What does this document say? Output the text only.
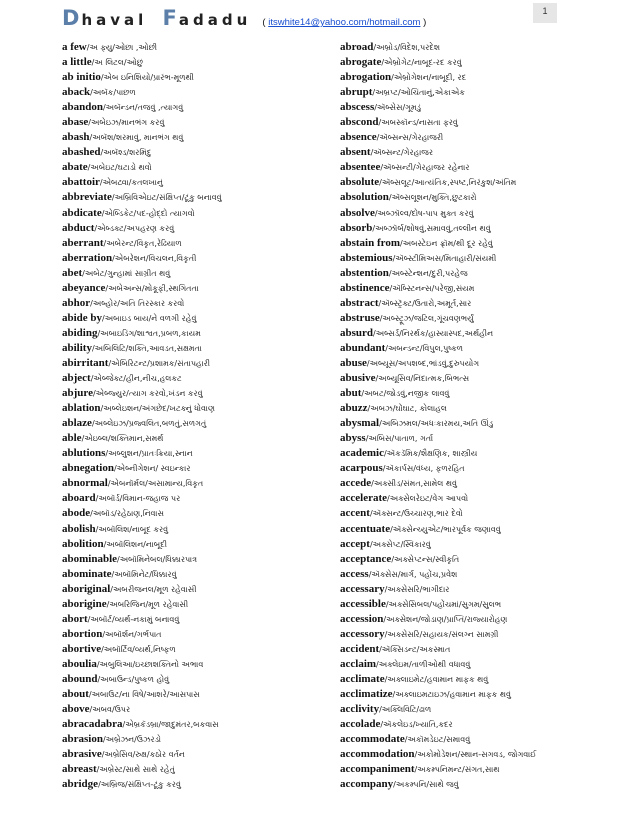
Dhaval Fadadu ( itswhite14@yahoo.com/hotmail.com )
1
a few/અ ફ્યુ/ઓછા ,ઓછી
a little/અ લિટલ/ઓછું
ab initio/એબ ઇનિશિયો/પ્રારંભ-મૂળથી
aback/અબૅક/પાછળ
abandon/અબૅન્ડન/તજવું ,ત્યાગવું
abase/અબેઇઝ/માનભંગ કરવું
abash/અબૅશ/શરમાવું, માનભંગ થવું
abashed/અબૅશ્ડ/શરમિંદુ
abate/અબેઇટ/ઘટાડો થવો
abattoir/એબટ્વા/કતલખાનું
abbreviate/અબ્રિવિએઇટ/સંક્ષિપ્ત/ટૂંકુ બનાવવું
abdicate/એબ્ડિકેટ/પદ-હોદ્દો ત્યાગવો
abduct/એબ્ડક્ટ/અપહરણ કરવું
aberrant/અબેરન્ટ/વિકૃત,રેઢિયાળ
aberration/એબરેશન/વિચલન,વિકૃતી
abet/અબેટ/ગુન્હામાં સાગ્રીત થવું
abeyance/અબેઅન્સ/મોકૂફી,સ્થગિતતા
abhor/અબ્હોર/અતિ તિરસ્કાર કરવો
abide by/અબાઇડ બાય/ને વળગી રહેવું
abiding/અબાઇડિંગ/શાશ્વત,પ્રબળ,કાયમ
ability/અબિલિટિ/શક્તિ,આવડત,સક્ષમતા
abirritant/એબિરિટન્ટ/પ્રશામક/સંતાપહારી
abject/એબ્જેક્ટ/હીન,નીચ,હલકટ
abjure/એબ્જ્યુર/ત્યાગ કરવો,ખંડન કરવું
ablation/અબ્લેઇશન/અંગછેદ/ખટક્નું ધોવાણ
ablaze/અબ્લેઇઝ/પ્રજ્વલિત,બળતું,સળગતું
able/એઇબ્લ/શક્તિમાન,સમર્થ
ablutions/અબ્લુશન/પ્રાતઃક્રિયા,સ્નાન
abnegation/એબ્નીગેશન/ સ્વઇન્કાર
abnormal/એબનૉર્મલ/અસામાન્ય,વિકૃત
aboard/અબૉર્ડ/વિમાન-જહાજ પર
abode/અબૉડ/રહેઠાણ,નિવાસ
abolish/અબૉલિશ/નાબૂદ કરવું
abolition/અબૉલિશન/નાબૂદી
abominable/અબૉમિનેબલ/ધિક્કારપાત્ર
abominate/અબૉમિનેટ/ધિક્કારવું
aboriginal/અબરીજનલ/મૂળ રહેવાસી
aborigine/અબરિજિન/મૂળ રહેવાસી
abort/અબૉર્ટ/વ્યર્થ-નકામું બનાવવું
abortion/અબૉર્શન/ગર્ભપાત
abortive/અબૉર્ટિવ/વ્યર્થ,નિષ્ફળ
aboulia/અબુલિઆ/ઇચ્છાશક્તિનો અભાવ
abound/અબાઉન્ડ/પુષ્કળ હોવું
about/અબાઉટ/ના વિષે/આશરે/આસપાસ
above/અબવ/ઉપર
abracadabra/એબ્રકૅડબ્રા/જાદુમંતર,બકવાસ
abrasion/અબ્રેઝન/ઉઝરડો
abrasive/અબ્રેસિવ/રુક્ષ/કઠોર વર્તન
abreast/અબ્રેસ્ટ/સાથે સાથે રહેતું
abridge/અબ્રિજ/સંક્ષિપ્ત-ટૂંકુ કરવું
abroad/અબ્રોડ/વિદેશ,પરદેશ
abrogate/એબ્રોગેટ/નાબૂદ-રદ કરવું
abrogation/એબ્રોગેશન/નાબૂદી, રદ
abrupt/અબ્રપ્ટ/ઓચિંતાનું,એકાએક
abscess/ઍબ્સેસ/ગૂમડું
abscond/અબસ્કૉન્ડ/નાસતા ફરવું
absence/ઍબ્સન્સ/ગેરહાજરી
absent/ઍબ્સન્ટ/ગેરહાજર
absentee/ઍબ્સન્ટી/ગેરહાજર રહેનાર
absolute/ઍબ્સલૂટ/આત્યંતિક,સ્પષ્ટ,નિરંકુશ/અંતિમ
absolution/ઍબ્સલૂશન/મુક્તિ,છુટકારો
absolve/અબ્ઝૉલ્વ/દોષ-પાપ મુક્ત કરવું
absorb/અબ્ઝૉર્બ/શોષવું,સમાવવું,તલ્લીન થવું
abstain from/અબસ્ટેઇન ફ્રૉમ/થી દૂર રહેવું
abstemious/ઍબ્સ્ટીમિઅસ/મિતાહારી/સંયમી
abstention/અબ્સ્ટેન્શન/દુરી,પરહેજ
abstinence/ઍબ્સ્ટિનન્સ/પરેજી,સંયમ
abstract/ઍબ્સ્ટ્રૅક્ટ/ઉતારો,અમૂર્ત,સાર
abstruse/અબ્સ્ટ્રૂઝ/જટિલ,ગૂંચવણભર્યું
absurd/અબ્સર્ડ/નિરર્થક/હાસ્યાસ્પદ,અર્થહીન
abundant/અબન્ડન્ટ/વિપુલ,પુષ્કળ
abuse/અબ્યૂસ/અપશબ્દ,ભાંડવું,દુરુપયોગ
abusive/અબ્યૂસિવ/નિંદાત્મક,બિભત્સ
abut/અબટ/જોડવું,નજીક લાવવું
abuzz/અબઝ/ઘોંઘાટ, કોલાહલ
abysmal/અબિઝમલ/અધઃકારમય,અતિ ઊંડુ
abyss/અબિસ/પાતાળ, ગર્તા
academic/ઍકડૅમિક/શૈક્ષણિક, શાસ્ત્રીય
acarpous/ઍકાર્પસ/વંધ્ય, ફળરહિત
accede/અક્સીડ/સંમત,સામેલ થવું
accelerate/અક્સેલરેઇટ/વેગ આપવો
accent/ઍક્સન્ટ/ઉચ્ચારણ,ભાર દેવો
accentuate/ઍક્સેન્ચ્યુએટ/ભારપૂર્વક જણાવવું
accept/અક્સેપ્ટ/સ્વિકારવું
acceptance/અક્સેપ્ટન્સ/સ્વીકૃતિ
access/ઍક્સેસ/માર્ગ, પહોંચ,પ્રવેશ
accessary/અક્સેસરિ/ભાગીદાર
accessible/અક્સેસિબલ/પહોંચમાં/સુગમ/સુલભ
accession/અક્સેશન/જોડાણ/પ્રાપ્તિ/રાજ્યારોહણ
accessory/અક્સેસરિ/સહાયક/સંલગ્ન સામગ્રી
accident/ઍક્સિડન્ટ/અકસ્માત
acclaim/અક્લેઇમ/તાળીઓથી વધાવવું
acclimate/અક્લાઇમેટ/હવામાન માફક થવું
acclimatize/અક્લાઇમટાઇઝ/હવામાન માફક થવું
acclivity/અક્લિવિટિ/ઢાળ
accolade/ઍકલેઇડ/ખ્યાતિ,કદર
accommodate/અકૉમડેઇટ/સમાવવું
accommodation/અકોમોડેશન/સ્થાન-સગવડ, જોગવાઈ
accompaniment/અકમ્પનિમન્ટ/સંગત,સાથ
accompany/અકમ્પનિ/સાથે જવું
